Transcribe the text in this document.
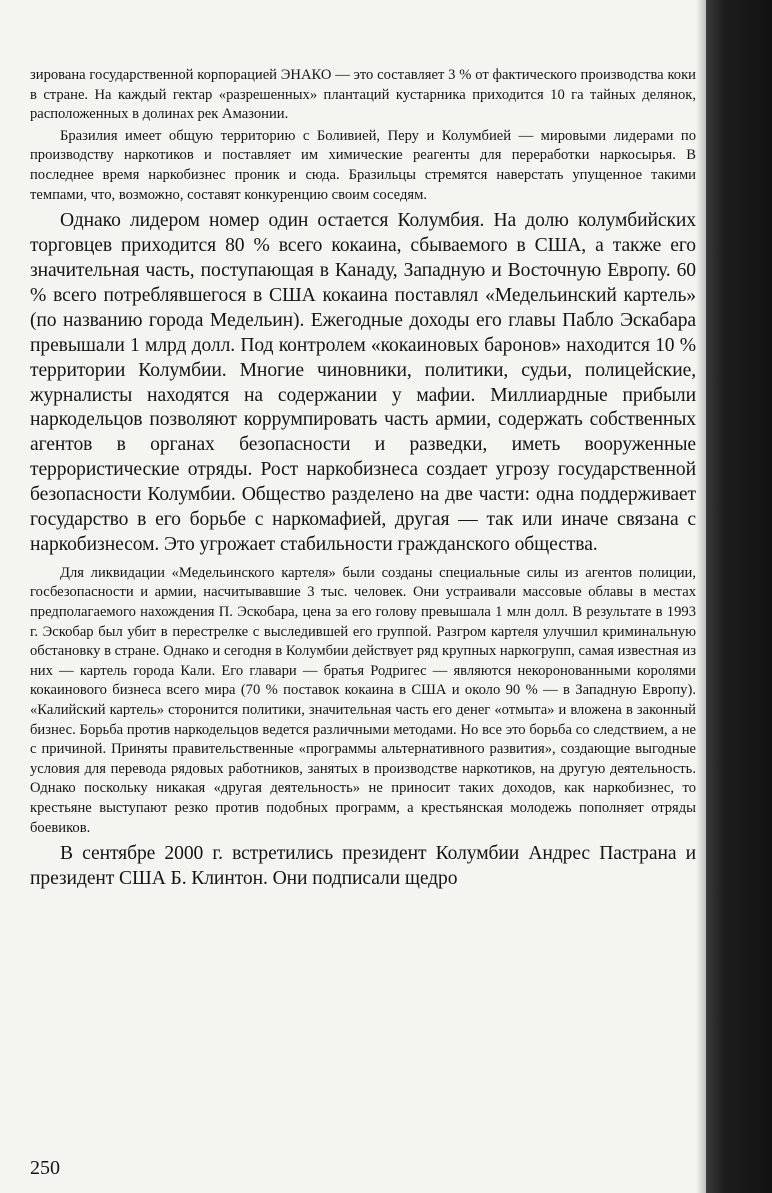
зирована государственной корпорацией ЭНАКО — это составляет 3 % от фактического производства коки в стране. На каждый гектар «разрешенных» плантаций кустарника приходится 10 га тайных делянок, расположенных в долинах рек Амазонии.

Бразилия имеет общую территорию с Боливией, Перу и Колумбией — мировыми лидерами по производству наркотиков и поставляет им химические реагенты для переработки наркосырья. В последнее время наркобизнес проник и сюда. Бразильцы стремятся наверстать упущенное такими темпами, что, возможно, составят конкуренцию своим соседям.

Однако лидером номер один остается Колумбия. На долю колумбийских торговцев приходится 80 % всего кокаина, сбываемого в США, а также его значительная часть, поступающая в Канаду, Западную и Восточную Европу. 60 % всего потреблявшегося в США кокаина поставлял «Медельинский картель» (по названию города Медельин). Ежегодные доходы его главы Пабло Эскабара превышали 1 млрд долл. Под контролем «кокаиновых баронов» находится 10 % территории Колумбии. Многие чиновники, политики, судьи, полицейские, журналисты находятся на содержании у мафии. Миллиардные прибыли наркодельцов позволяют коррумпировать часть армии, содержать собственных агентов в органах безопасности и разведки, иметь вооруженные террористические отряды. Рост наркобизнеса создает угрозу государственной безопасности Колумбии. Общество разделено на две части: одна поддерживает государство в его борьбе с наркомафией, другая — так или иначе связана с наркобизнесом. Это угрожает стабильности гражданского общества.

Для ликвидации «Медельинского картеля» были созданы специальные силы из агентов полиции, госбезопасности и армии, насчитывавшие 3 тыс. человек. Они устраивали массовые облавы в местах предполагаемого нахождения П. Эскобара, цена за его голову превышала 1 млн долл. В результате в 1993 г. Эскобар был убит в перестрелке с выследившей его группой. Разгром картеля улучшил криминальную обстановку в стране. Однако и сегодня в Колумбии действует ряд крупных наркогрупп, самая известная из них — картель города Кали. Его главари — братья Родригес — являются некоронованными королями кокаинового бизнеса всего мира (70 % поставок кокаина в США и около 90 % — в Западную Европу). «Калийский картель» сторонится политики, значительная часть его денег «отмыта» и вложена в законный бизнес. Борьба против наркодельцов ведется различными методами. Но все это борьба со следствием, а не с причиной. Приняты правительственные «программы альтернативного развития», создающие выгодные условия для перевода рядовых работников, занятых в производстве наркотиков, на другую деятельность. Однако поскольку никакая «другая деятельность» не приносит таких доходов, как наркобизнес, то крестьяне выступают резко против подобных программ, а крестьянская молодежь пополняет отряды боевиков.

В сентябре 2000 г. встретились президент Колумбии Андрес Пастрана и президент США Б. Клинтон. Они подписали щедро

250
